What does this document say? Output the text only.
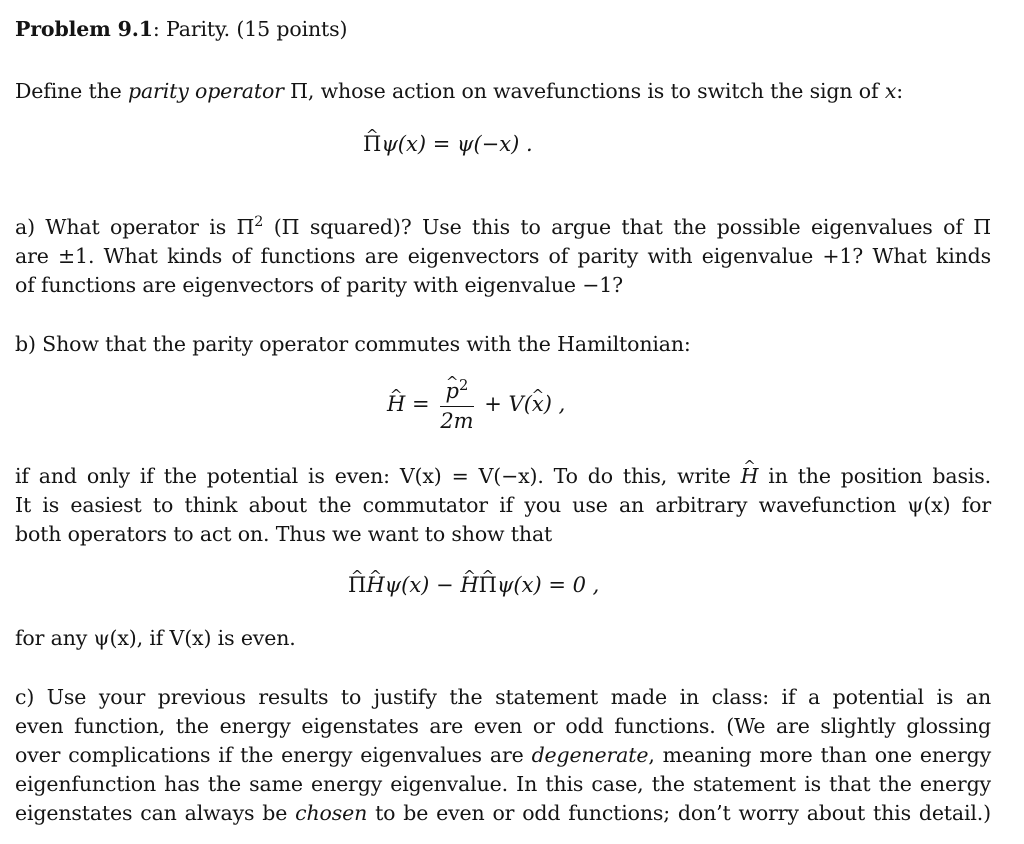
Problem 9.1: Parity. (15 points)
Define the parity operator Π, whose action on wavefunctions is to switch the sign of x:
^ Πψ(x) = ψ(−x) .
a) What operator is $\Pi^2$ (Π squared)? Use this to argue that the possible eigenvalues of Π
are ±1. What kinds of functions are eigenvectors of parity with eigenvalue +1? What kinds
of functions are eigenvectors of parity with eigenvalue −1?
b) Show that the parity operator commutes with the Hamiltonian:
^ H =
^ $\frac{p^2}{2m}$ + V(^ x) ,
if and only if the potential is even: V(x) = V(−x). To do this, write ^ H in the position basis.
It is easiest to think about the commutator if you use an arbitrary wavefunction ψ(x) for
both operators to act on. Thus we want to show that
^ Π^ Hψ(x) − ^ H^ Πψ(x) = 0 ,
for any ψ(x), if V(x) is even.
c) Use your previous results to justify the statement made in class: if a potential is an
even function, the energy eigenstates are even or odd functions. (We are slightly glossing
over complications if the energy eigenvalues are degenerate, meaning more than one energy
eigenfunction has the same energy eigenvalue. In this case, the statement is that the energy
eigenstates can always be chosen to be even or odd functions; don’t worry about this detail.)
